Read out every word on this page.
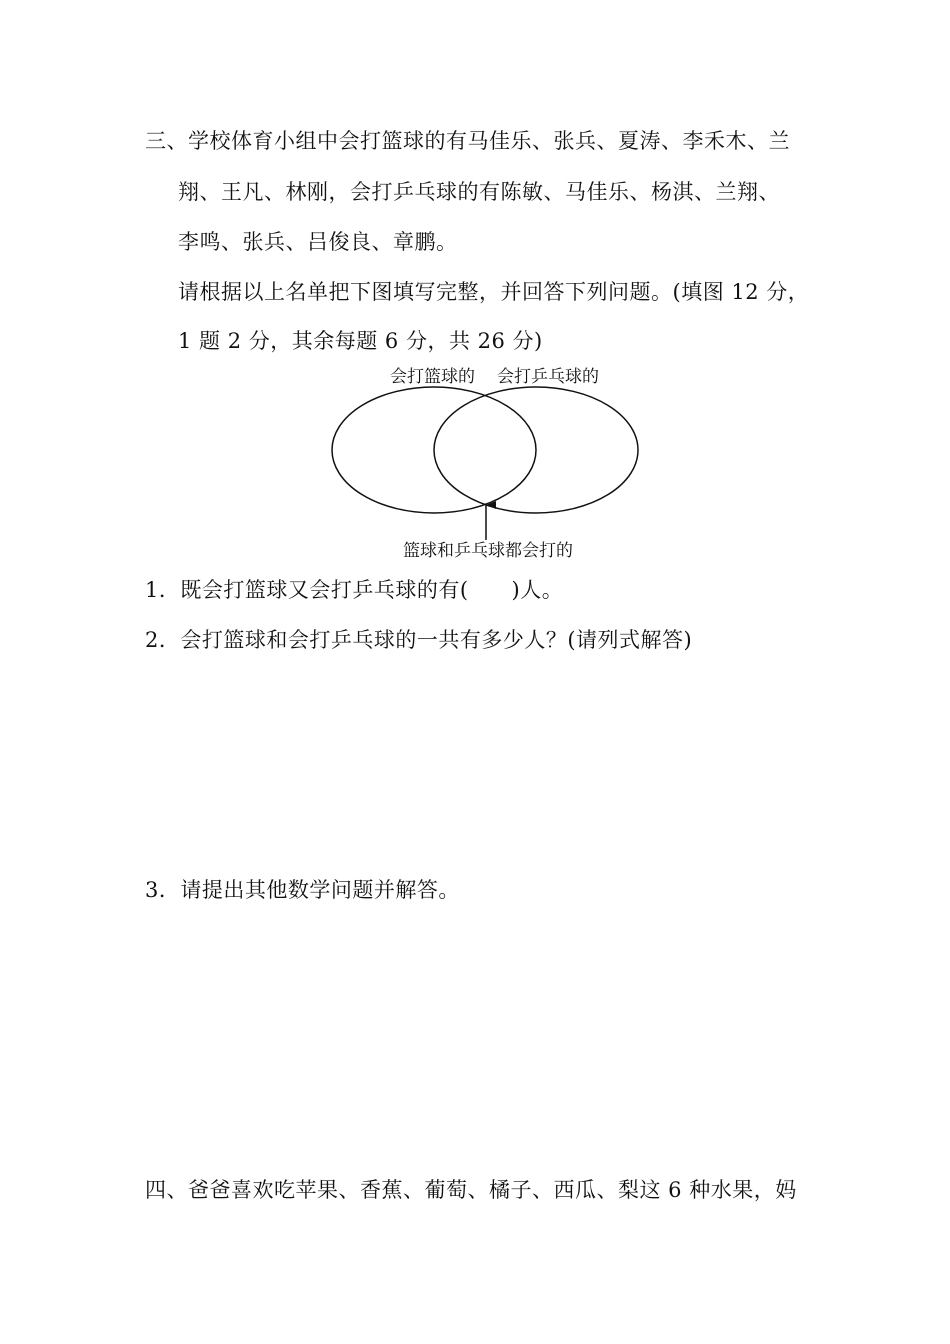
三、学校体育小组中会打篮球的有马佳乐、张兵、夏涛、李禾木、兰
翔、王凡、林刚，会打乒乓球的有陈敏、马佳乐、杨淇、兰翔、
李鸣、张兵、吕俊良、章鹏。
请根据以上名单把下图填写完整，并回答下列问题。(填图 12 分，
1 题 2 分，其余每题 6 分，共 26 分)
会打篮球的 会打乒乓球的
篮球和乒乓球都会打的
1．既会打篮球又会打乒乓球的有(　　)人。
2．会打篮球和会打乒乓球的一共有多少人？(请列式解答)
3．请提出其他数学问题并解答。
四、爸爸喜欢吃苹果、香蕉、葡萄、橘子、西瓜、梨这 6 种水果，妈
